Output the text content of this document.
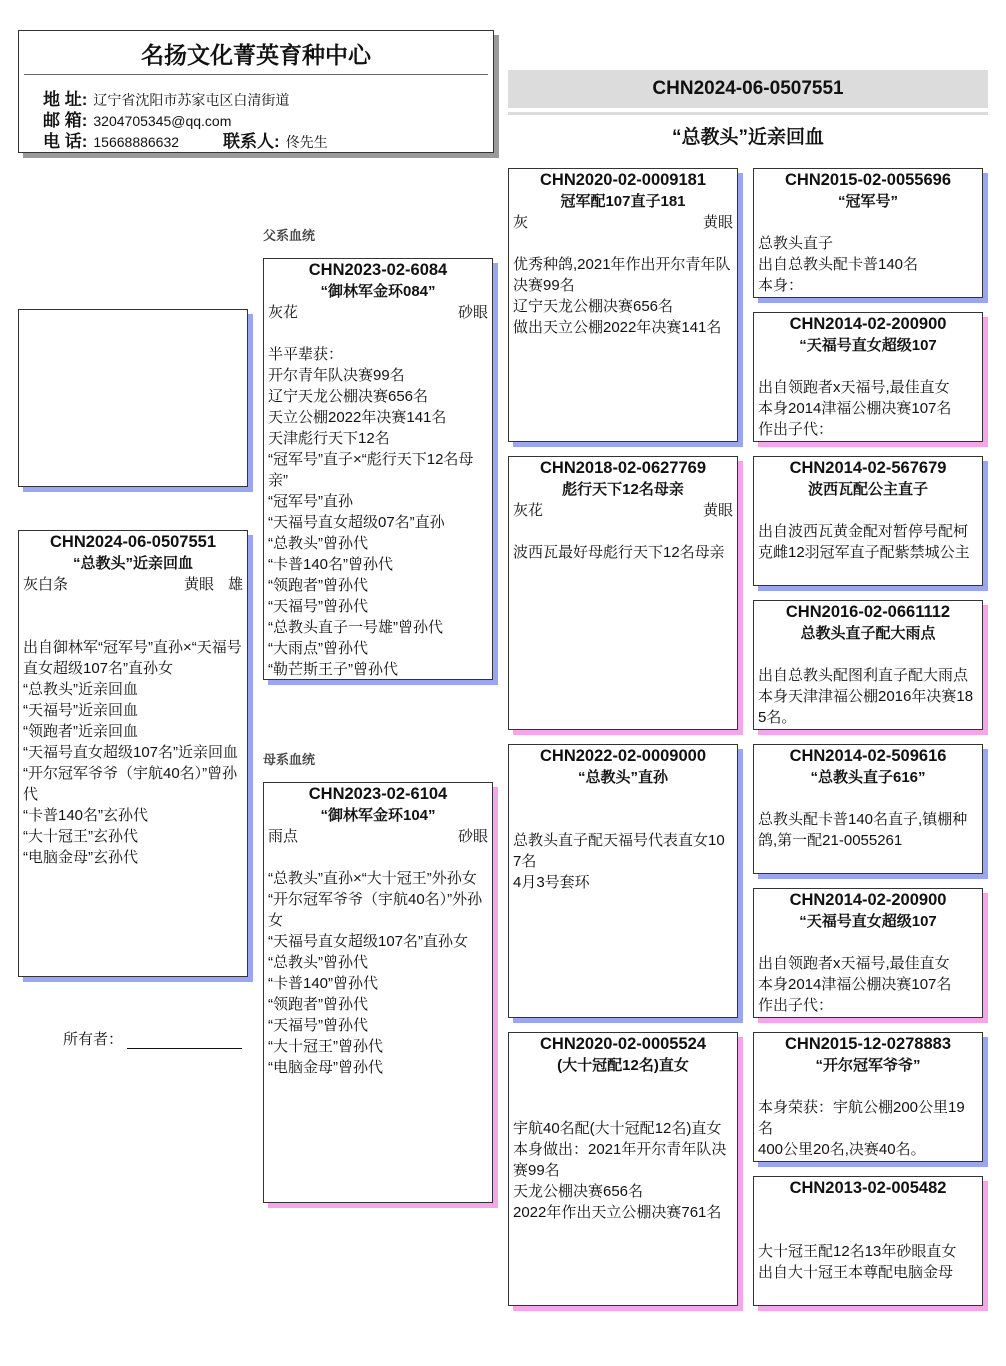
名扬文化菁英育种中心
地 址: 辽宁省沈阳市苏家屯区白清街道
邮 箱: 3204705345@qq.com
电 话: 15668886632	联系人: 佟先生
CHN2024-06-0507551
“总教头”近亲回血
父系血统
母系血统
所有者：
CHN2024-06-0507551
“总教头”近亲回血
灰白条	黄眼 雄
出自御林军“冠军号”直孙×“天福号直女超级107名”直孙女
“总教头”近亲回血
“天福号”近亲回血
“领跑者”近亲回血
“天福号直女超级107名”近亲回血
“开尔冠军爷爷（宇航40名）”曾孙代
“卡普140名”玄孙代
“大十冠王”玄孙代
“电脑金母”玄孙代
CHN2023-02-6084
“御林军金环084”
灰花	砂眼
半平辈获：
开尔青年队决赛99名
辽宁天龙公棚决赛656名
天立公棚2022年决赛141名
天津彪行天下12名
“冠军号”直子×“彪行天下12名母亲”
“冠军号”直孙
“天福号直女超级07名”直孙
“总教头”曾孙代
“卡普140名”曾孙代
“领跑者”曾孙代
“天福号”曾孙代
“总教头直子一号雄”曾孙代
“大雨点”曾孙代
“勒芒斯王子”曾孙代
CHN2023-02-6104
“御林军金环104”
雨点	砂眼
“总教头”直孙×“大十冠王”外孙女
“开尔冠军爷爷（宇航40名）”外孙女
“天福号直女超级107名”直孙女
“总教头”曾孙代
“卡普140”曾孙代
“领跑者”曾孙代
“天福号”曾孙代
“大十冠王”曾孙代
“电脑金母”曾孙代
CHN2020-02-0009181
冠军配107直子181
灰	黄眼
优秀种鸽,2021年作出开尔青年队决赛99名
辽宁天龙公棚决赛656名
做出天立公棚2022年决赛141名
CHN2018-02-0627769
彪行天下12名母亲
灰花	黄眼
波西瓦最好母彪行天下12名母亲
CHN2022-02-0009000
“总教头”直孙
总教头直子配天福号代表直女107名
4月3号套环
CHN2020-02-0005524
(大十冠配12名)直女
宇航40名配(大十冠配12名)直女
本身做出：2021年开尔青年队决赛99名
天龙公棚决赛656名
2022年作出天立公棚决赛761名
CHN2015-02-0055696
“冠军号”
总教头直子
出自总教头配卡普140名
本身：
CHN2014-02-200900
“天福号直女超级107
出自领跑者x天福号,最佳直女
本身2014津福公棚决赛107名
作出子代：
CHN2014-02-567679
波西瓦配公主直子
出自波西瓦黄金配对暂停号配柯克雌12羽冠军直子配紫禁城公主
CHN2016-02-0661112
总教头直子配大雨点
出自总教头配图利直子配大雨点本身天津津福公棚2016年决赛185名。
CHN2014-02-509616
“总教头直子616”
总教头配卡普140名直子,镇棚种鸽,第一配21-0055261
CHN2014-02-200900
“天福号直女超级107
出自领跑者x天福号,最佳直女
本身2014津福公棚决赛107名
作出子代：
CHN2015-12-0278883
“开尔冠军爷爷”
本身荣获：宇航公棚200公里19名
400公里20名,决赛40名。
CHN2013-02-005482
大十冠王配12名13年砂眼直女
出自大十冠王本尊配电脑金母
